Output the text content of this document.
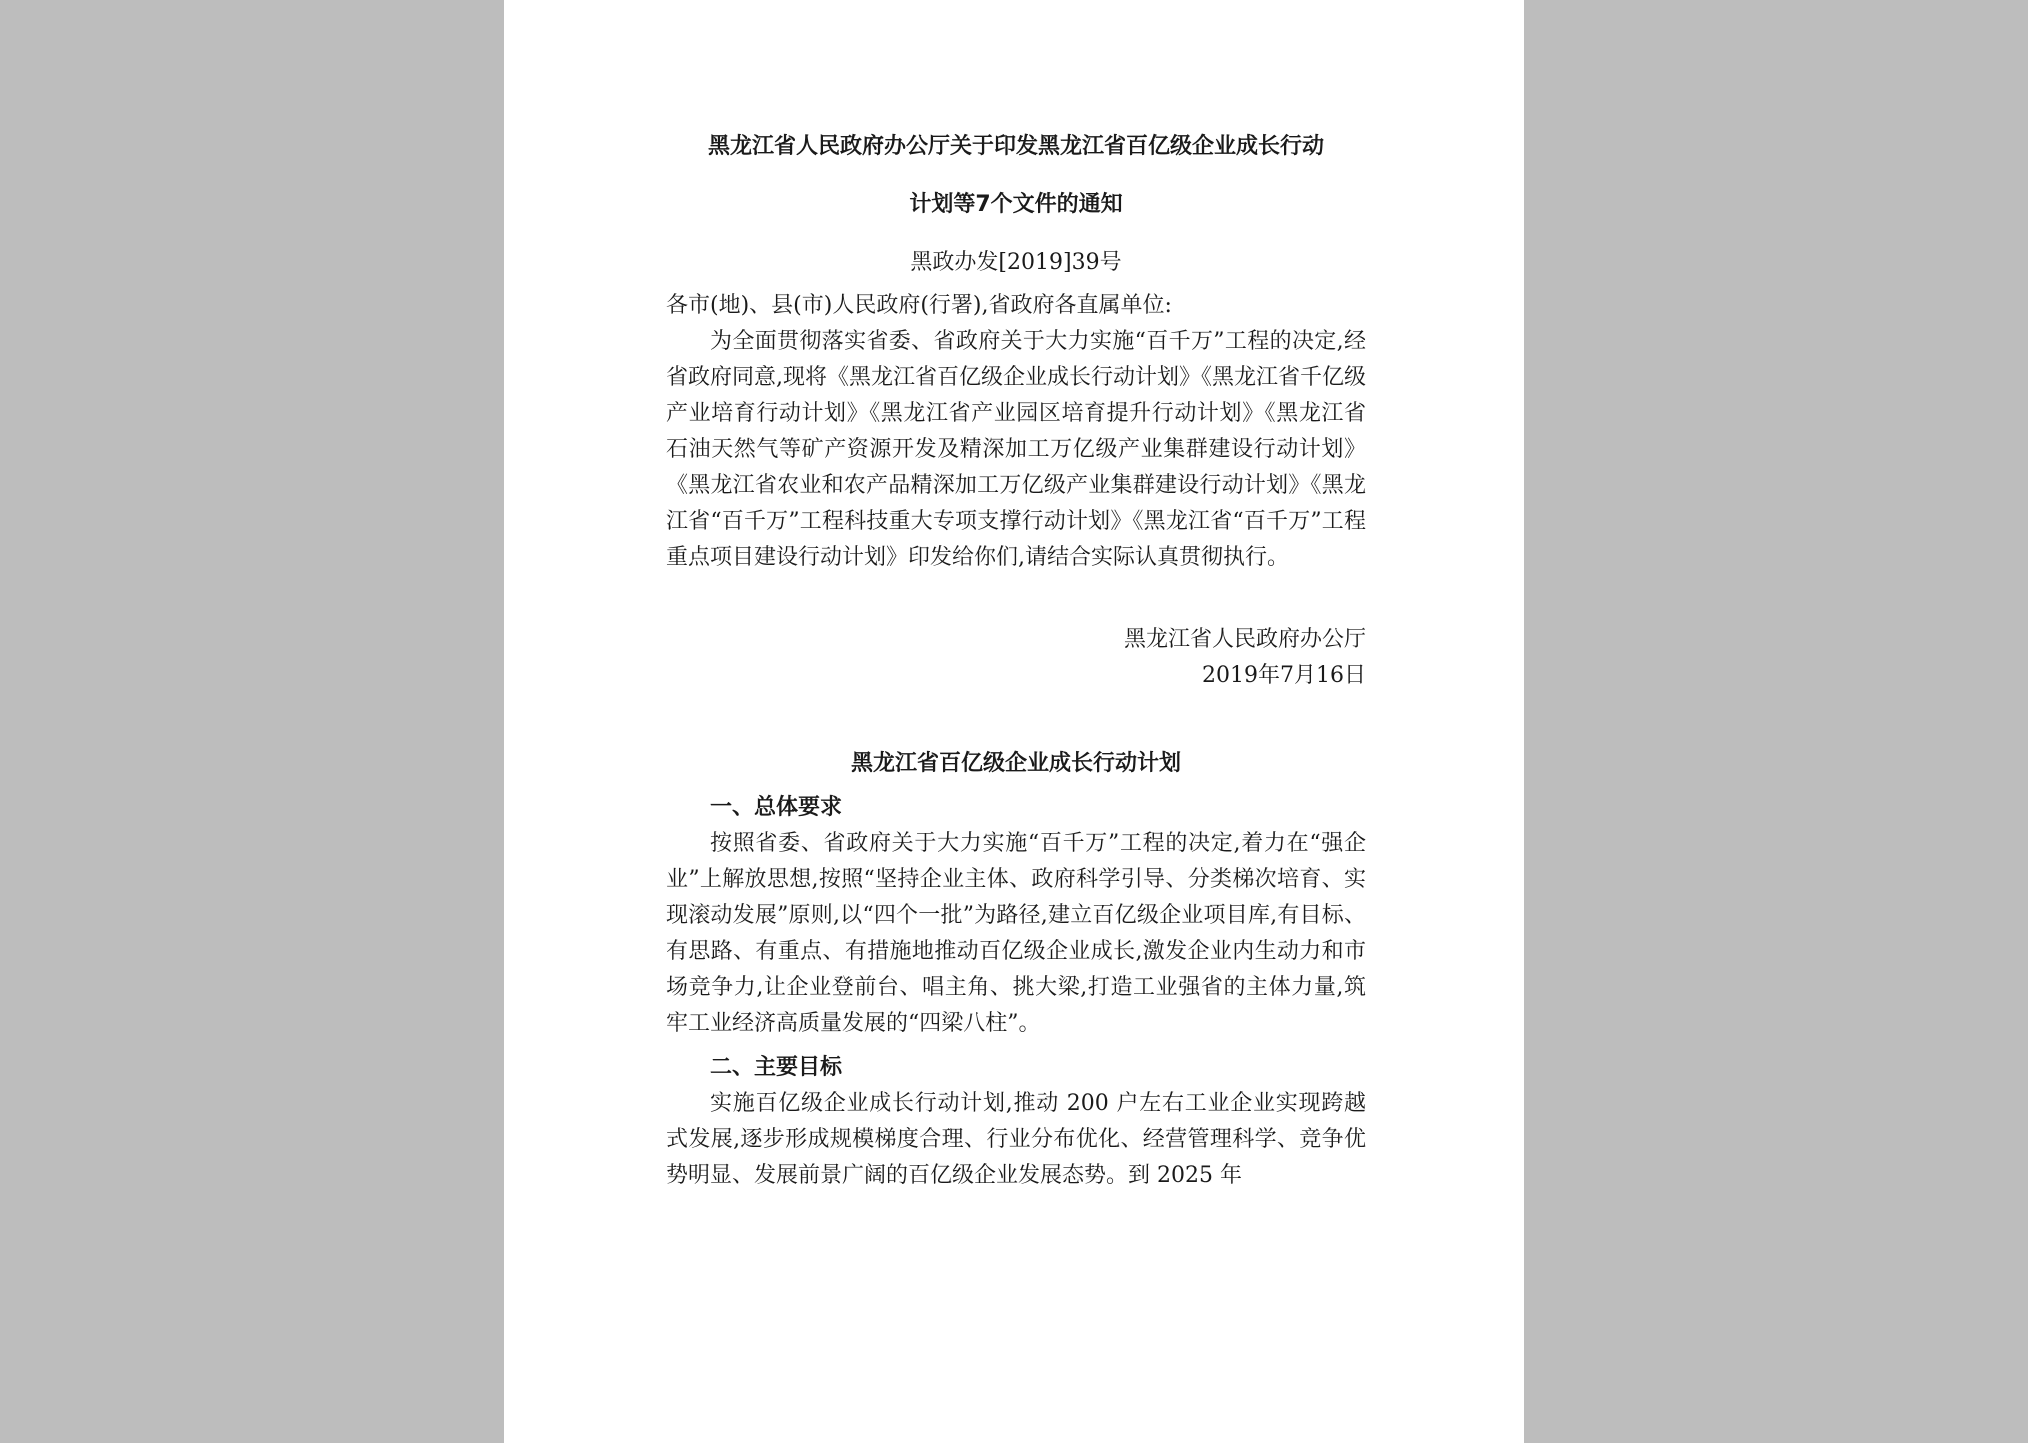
黑龙江省人民政府办公厅关于印发黑龙江省百亿级企业成长行动

计划等7个文件的通知

黑政办发[2019]39号

各市(地)、县(市)人民政府(行署),省政府各直属单位:

为全面贯彻落实省委、省政府关于大力实施“百千万”工程的决定,经省政府同意,现将《黑龙江省百亿级企业成长行动计划》《黑龙江省千亿级产业培育行动计划》《黑龙江省产业园区培育提升行动计划》《黑龙江省石油天然气等矿产资源开发及精深加工万亿级产业集群建设行动计划》《黑龙江省农业和农产品精深加工万亿级产业集群建设行动计划》《黑龙江省“百千万”工程科技重大专项支撑行动计划》《黑龙江省“百千万”工程重点项目建设行动计划》印发给你们,请结合实际认真贯彻执行。

黑龙江省人民政府办公厅
2019年7月16日
黑龙江省百亿级企业成长行动计划
一、总体要求

按照省委、省政府关于大力实施“百千万”工程的决定,着力在“强企业”上解放思想,按照“坚持企业主体、政府科学引导、分类梯次培育、实现滚动发展”原则,以“四个一批”为路径,建立百亿级企业项目库,有目标、有思路、有重点、有措施地推动百亿级企业成长,激发企业内生动力和市场竞争力,让企业登前台、唱主角、挑大梁,打造工业强省的主体力量,筑牢工业经济高质量发展的“四梁八柱”。

二、主要目标

实施百亿级企业成长行动计划,推动 200 户左右工业企业实现跨越式发展,逐步形成规模梯度合理、行业分布优化、经营管理科学、竞争优势明显、发展前景广阔的百亿级企业发展态势。到 2025 年
